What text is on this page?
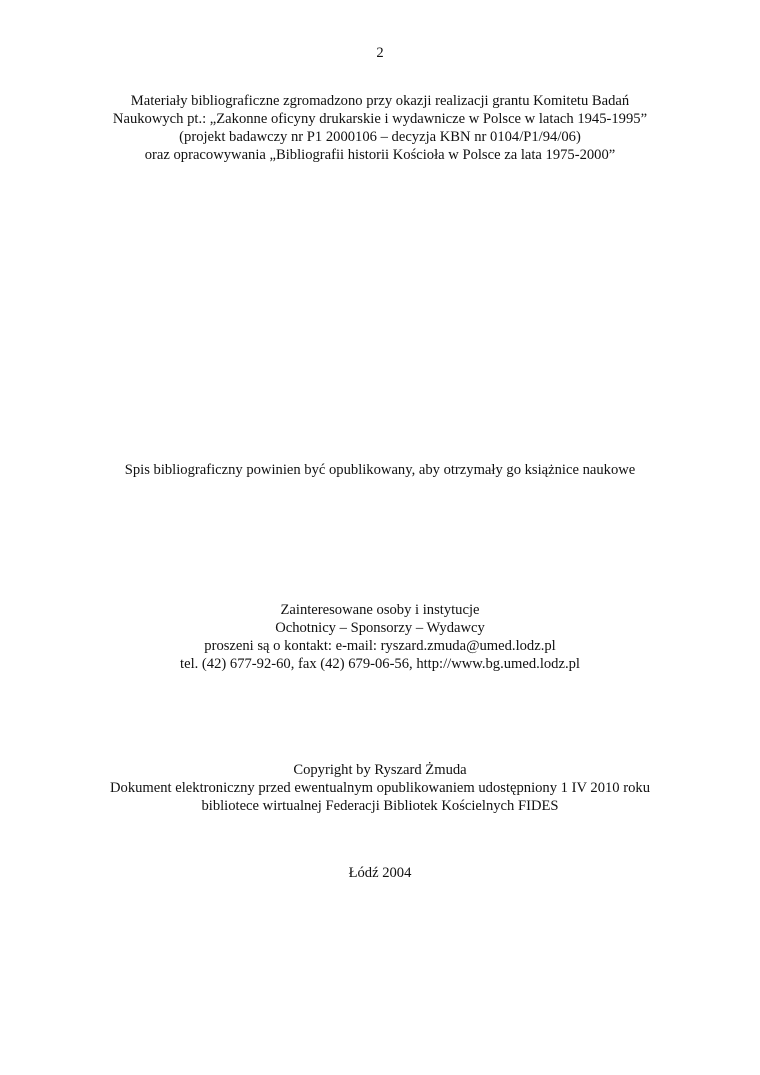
2
Materiały bibliograficzne zgromadzono przy okazji realizacji grantu Komitetu Badań
Naukowych pt.: „Zakonne oficyny drukarskie i wydawnicze w Polsce w latach 1945-1995”
(projekt badawczy nr P1 2000106 – decyzja KBN nr 0104/P1/94/06)
oraz opracowywania „Bibliografii historii Kościoła w Polsce za lata 1975-2000”
Spis bibliograficzny powinien być opublikowany, aby otrzymały go książnice naukowe
Zainteresowane osoby i instytucje
Ochotnicy – Sponsorzy – Wydawcy
proszeni są o kontakt: e-mail: ryszard.zmuda@umed.lodz.pl
tel. (42) 677-92-60, fax (42) 679-06-56, http://www.bg.umed.lodz.pl
Copyright by Ryszard Żmuda
Dokument elektroniczny przed ewentualnym opublikowaniem udostępniony 1 IV 2010 roku
bibliotece wirtualnej Federacji Bibliotek Kościelnych FIDES
Łódź 2004
